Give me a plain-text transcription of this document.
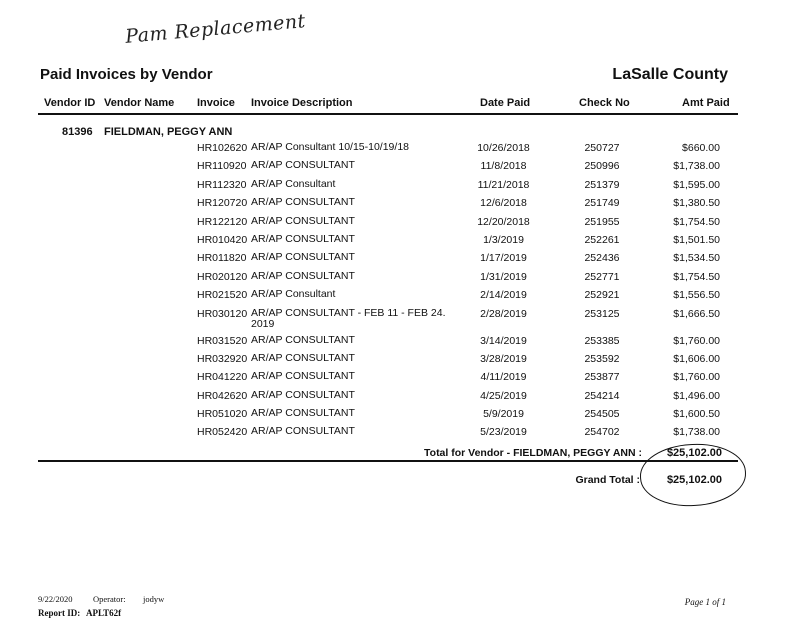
Pam Replacement
Paid Invoices by Vendor	LaSalle County
Vendor ID Vendor Name Invoice Invoice Description	Date Paid	Check No	Amt Paid
81396 FIELDMAN, PEGGY ANN
HR102620 AR/AP Consultant 10/15-10/19/18	10/26/2018	250727	$660.00
HR110920 AR/AP CONSULTANT	11/8/2018	250996	$1,738.00
HR112320 AR/AP Consultant	11/21/2018	251379	$1,595.00
HR120720 AR/AP CONSULTANT	12/6/2018	251749	$1,380.50
HR122120 AR/AP CONSULTANT	12/20/2018	251955	$1,754.50
HR010420 AR/AP CONSULTANT	1/3/2019	252261	$1,501.50
HR011820 AR/AP CONSULTANT	1/17/2019	252436	$1,534.50
HR020120 AR/AP CONSULTANT	1/31/2019	252771	$1,754.50
HR021520 AR/AP Consultant	2/14/2019	252921	$1,556.50
HR030120 AR/AP CONSULTANT - FEB 11 - FEB 24. 2019
2/28/2019	253125	$1,666.50
HR031520 AR/AP CONSULTANT	3/14/2019	253385	$1,760.00
HR032920 AR/AP CONSULTANT	3/28/2019	253592	$1,606.00
HR041220 AR/AP CONSULTANT	4/11/2019	253877	$1,760.00
HR042620 AR/AP CONSULTANT	4/25/2019	254214	$1,496.00
HR051020 AR/AP CONSULTANT	5/9/2019	254505	$1,600.50
HR052420 AR/AP CONSULTANT	5/23/2019	254702	$1,738.00
Total for Vendor - FIELDMAN, PEGGY ANN : $25,102.00
Grand Total : $25,102.00
9/22/2020 Operator: jodyw	Page 1 of 1
Report ID: APLT62f
